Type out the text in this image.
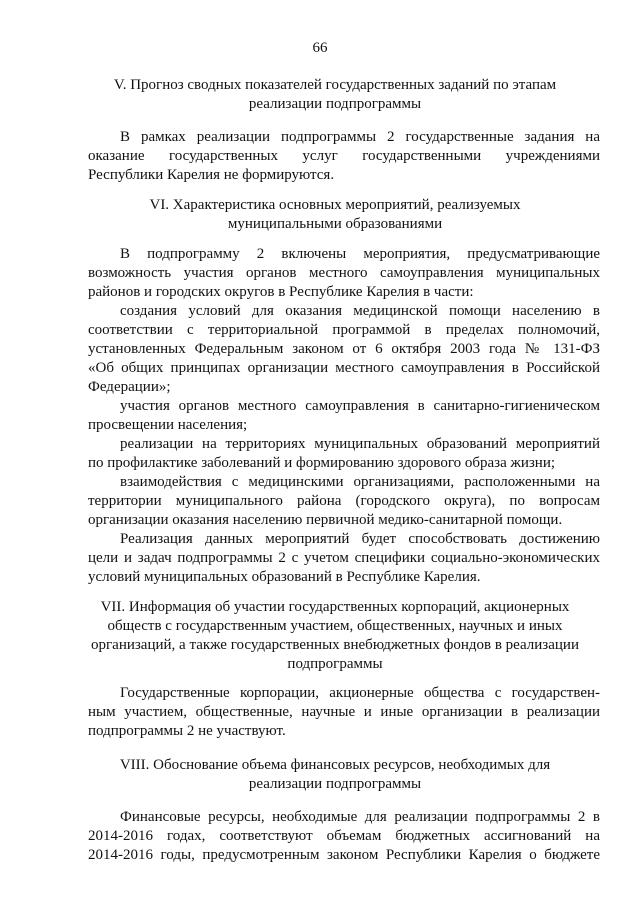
66
V. Прогноз сводных показателей государственных заданий по этапам
реализации подпрограммы
В рамках реализации подпрограммы 2 государственные задания на
оказание государственных услуг государственными учреждениями
Республики Карелия не формируются.
VI. Характеристика основных мероприятий, реализуемых
муниципальными образованиями
В подпрограмму 2 включены мероприятия, предусматривающие
возможность участия органов местного самоуправления муниципальных
районов и городских округов в Республике Карелия в части:
создания условий для оказания медицинской помощи населению в
соответствии с территориальной программой в пределах полномочий,
установленных Федеральным законом от 6 октября 2003 года № 131-ФЗ
«Об общих принципах организации местного самоуправления в Российской
Федерации»;
участия органов местного самоуправления в санитарно-гигиеническом
просвещении населения;
реализации на территориях муниципальных образований мероприятий
по профилактике заболеваний и формированию здорового образа жизни;
взаимодействия с медицинскими организациями, расположенными на
территории муниципального района (городского округа), по вопросам
организации оказания населению первичной медико-санитарной помощи.
Реализация данных мероприятий будет способствовать достижению
цели и задач подпрограммы 2 с учетом специфики социально-экономических
условий муниципальных образований в Республике Карелия.
VII. Информация об участии государственных корпораций, акционерных
обществ с государственным участием, общественных, научных и иных
организаций, а также государственных внебюджетных фондов в реализации
подпрограммы
Государственные корпорации, акционерные общества с государствен-
ным участием, общественные, научные и иные организации в реализации
подпрограммы 2 не участвуют.
VIII. Обоснование объема финансовых ресурсов, необходимых для
реализации подпрограммы
Финансовые ресурсы, необходимые для реализации подпрограммы 2 в
2014-2016 годах, соответствуют объемам бюджетных ассигнований на
2014-2016 годы, предусмотренным законом Республики Карелия о бюджете
